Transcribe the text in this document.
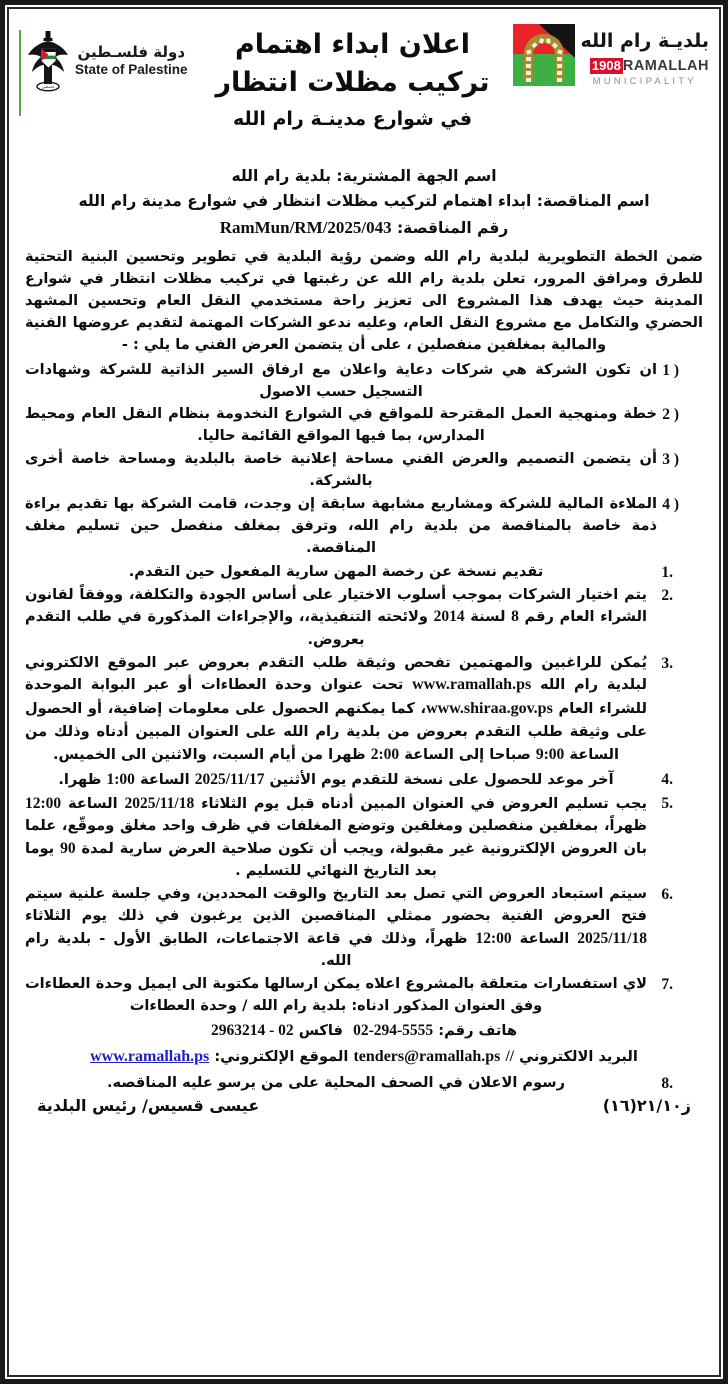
فلسطين
دولة فلسـطين
State of Palestine
اعلان ابداء اهتمام
تركيب مظلات انتظار
في شوارع مدينـة رام الله
بلديـة رام الله
RAMALLAH
1908
MUNICIPALITY
اسم الجهة المشترية: بلدية رام الله
اسم المناقصة: ابداء اهتمام لتركيب مظلات انتظار في شوارع مدينة رام الله
رقم المناقصة: RamMun/RM/2025/043
ضمن الخطة التطويرية لبلدية رام الله وضمن رؤية البلدية في تطوير وتحسين البنية التحتية للطرق ومرافق المرور، تعلن بلدية رام الله عن رغبتها في تركيب مظلات انتظار في شوارع المدينة حيث يهدف هذا المشروع الى تعزيز راحة مستخدمي النقل العام وتحسين المشهد الحضري والتكامل مع مشروع النقل العام، وعليه ندعو الشركات المهتمة لتقديم عروضها الفنية والمالية بمغلفين منفصلين ، على أن يتضمن العرض الفني ما يلي : -
1 )
ان تكون الشركة هي شركات دعاية واعلان مع ارفاق السير الذاتية للشركة وشهادات التسجيل حسب الاصول
2 )
خطة ومنهجية العمل المقترحة للمواقع في الشوارع النخدومة بنظام النقل العام ومحيط المدارس، بما فيها المواقع القائمة حاليا.
3 )
أن يتضمن التصميم والعرض الفني مساحة إعلانية خاصة بالبلدية ومساحة خاصة أخرى بالشركة.
4 )
الملاءة المالية للشركة ومشاريع مشابهة سابقة إن وجدت، قامت الشركة بها تقديم براءة ذمة خاصة بالمناقصة من بلدية رام الله، وترفق بمغلف منفصل حين تسليم مغلف المناقصة.
1.
تقديم نسخة عن رخصة المهن سارية المفعول حين التقدم.
2.
يتم اختيار الشركات بموجب أسلوب الاختيار على أساس الجودة والتكلفة، ووفقاً لقانون الشراء العام رقم 8 لسنة 2014 ولائحته التنفيذية،، والإجراءات المذكورة في طلب التقدم بعروض.
3.
يُمكن للراغبين والمهتمين تفحص وثيقة طلب التقدم بعروض عبر الموقع الالكتروني لبلدية رام الله www.ramallah.ps تحت عنوان وحدة العطاءات أو عبر البوابة الموحدة للشراء العام www.shiraa.gov.ps، كما يمكنهم الحصول على معلومات إضافية، أو الحصول على وثيقة طلب التقدم بعروض من بلدية رام الله على العنوان المبين أدناه وذلك من الساعة 9:00 صباحا إلى الساعة 2:00 ظهرا من أيام السبت، والاثنين الى الخميس.
4.
آخر موعد للحصول على نسخة للتقدم يوم الأثنين 2025/11/17 الساعة 1:00 ظهرا.
5.
يجب تسليم العروض في العنوان المبين أدناه قبل يوم الثلاثاء 2025/11/18 الساعة 12:00 ظهراً، بمغلفين منفصلين ومغلقين وتوضع المغلفات في ظرف واحد مغلق وموقّع، علما بان العروض الإلكترونية غير مقبولة، ويجب أن تكون صلاحية العرض سارية لمدة 90 يوما بعد التاريخ النهائي للتسليم .
6.
سيتم استبعاد العروض التي تصل بعد التاريخ والوقت المحددين، وفي جلسة علنية سيتم فتح العروض الفنية بحضور ممثلي المناقصين الذين يرغبون في ذلك يوم الثلاثاء 2025/11/18 الساعة 12:00 ظهراً، وذلك في قاعة الاجتماعات، الطابق الأول - بلدية رام الله.
7.
لاي استفسارات متعلقة بالمشروع اعلاه يمكن ارسالها مكتوبة الى ايميل وحدة العطاءات وفق العنوان المذكور ادناه: بلدية رام الله / وحدة العطاءات
هاتف رقم: 02-294-5555  فاكس 2963214 - 02
البريد الالكتروني tenders@ramallah.ps // الموقع الإلكتروني: www.ramallah.ps
8.
رسوم الاعلان في الصحف المحلية على من يرسو عليه المناقصه.
عيسى قسيس/ رئيس البلدية	ز٢١/١٠(١٦)
